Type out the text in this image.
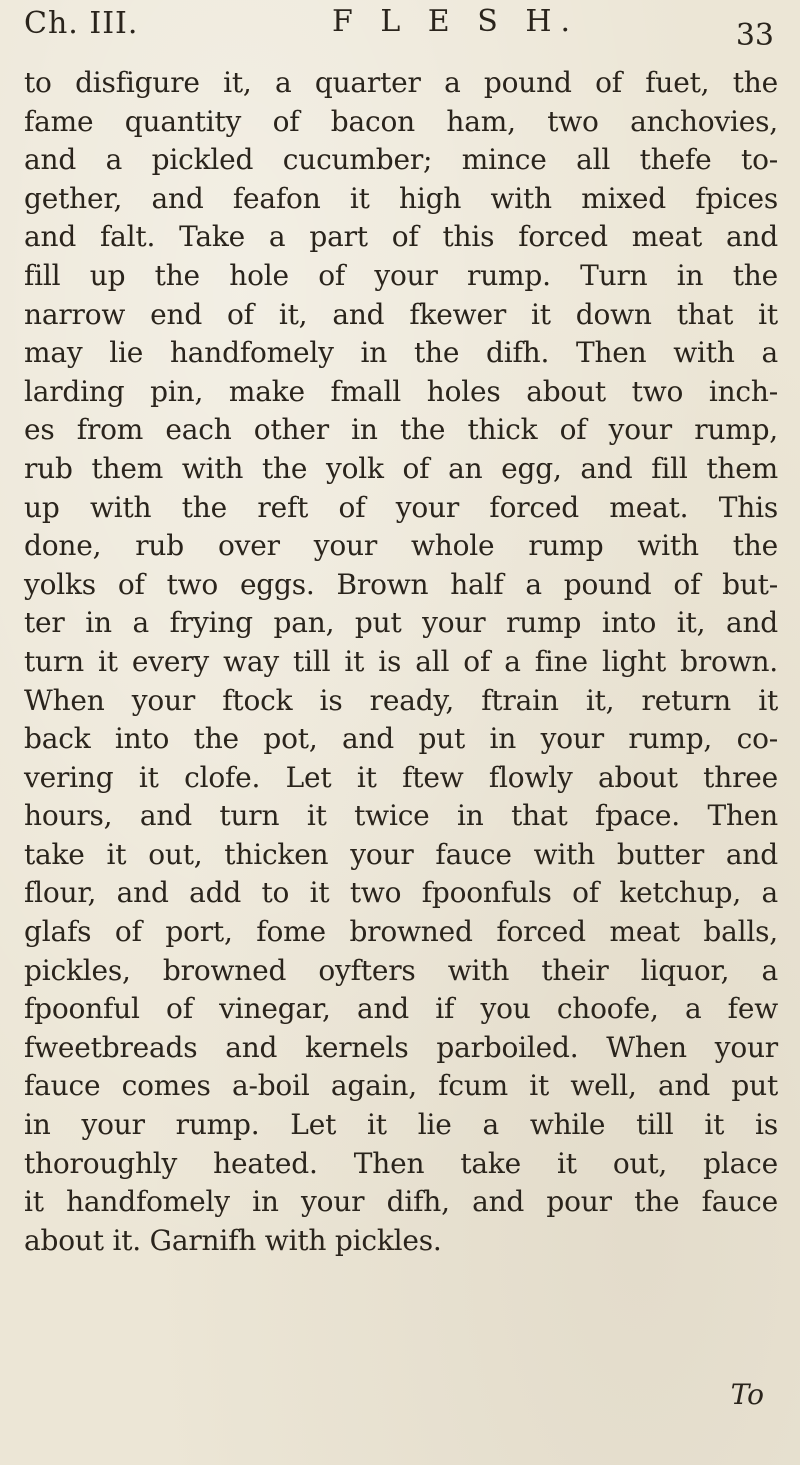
Ch. III.	F L E S H.	33
to disfigure it, a quarter a pound of fuet, the
fame quantity of bacon ham, two anchovies,
and a pickled cucumber; mince all thefe to-
gether, and feafon it high with mixed fpices
and falt. Take a part of this forced meat and
fill up the hole of your rump. Turn in the
narrow end of it, and fkewer it down that it
may lie handfomely in the difh. Then with a
larding pin, make fmall holes about two inch-
es from each other in the thick of your rump,
rub them with the yolk of an egg, and fill them
up with the reft of your forced meat. This
done, rub over your whole rump with the
yolks of two eggs. Brown half a pound of but-
ter in a frying pan, put your rump into it, and
turn it every way till it is all of a fine light brown.
When your ftock is ready, ftrain it, return it
back into the pot, and put in your rump, co-
vering it clofe. Let it ftew flowly about three
hours, and turn it twice in that fpace. Then
take it out, thicken your fauce with butter and
flour, and add to it two fpoonfuls of ketchup, a
glafs of port, fome browned forced meat balls,
pickles, browned oyfters with their liquor, a
fpoonful of vinegar, and if you choofe, a few
fweetbreads and kernels parboiled. When your
fauce comes a-boil again, fcum it well, and put
in your rump. Let it lie a while till it is
thoroughly heated. Then take it out, place
it handfomely in your difh, and pour the fauce
about it. Garnifh with pickles.
To
